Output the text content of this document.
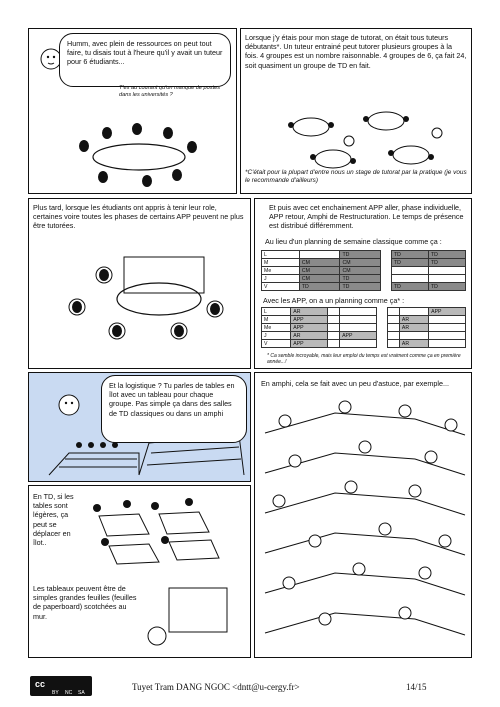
Humm, avec plein de ressources on peut tout faire, tu disais tout à l'heure qu'il y avait un tuteur pour 6 étudiants...
T'es au courant qu'on manque de postes dans les universités ?
Lorsque j'y étais pour mon stage de tutorat, on était tous tuteurs débutants*. Un tuteur entrainé peut tutorer plusieurs groupes à la fois. 4 groupes est un nombre raisonnable. 4 groupes de 6, ça fait 24, soit quasiment un groupe de TD en fait.
*C'était pour la plupart d'entre nous un stage de tutorat par la pratique (je vous le recommande d'ailleurs)
Plus tard, lorsque les étudiants ont appris à tenir leur role, certaines voire toutes les phases de certains APP peuvent ne plus être tutorées.
Et puis avec cet enchainement APP aller, phase individuelle, APP retour, Amphi de Restructuration. Le temps de présence est distribué différemment.
Au lieu d'un planning de semaine classique comme ça :
L		TD		TD	TD
M	CM	CM		TD	TD
Me	CM	CM			
J	CM	TD			
V	TD	TD		TD	TD
Avec les APP, on a un planning comme ça* :
L	AR						APP
M	APP					AR	
Me	APP					AR	
J	AR		APP				
V	APP					AR	
* Ca semble incroyable, mais leur emploi du temps est vraiment comme ça en première année...!
Et la logistique ? Tu parles de tables en îlot avec un tableau pour chaque groupe. Pas simple ça dans des salles de TD classiques ou dans un amphi
En TD, si les tables sont légères, ça peut se déplacer en îlot..
Les tableaux peuvent être de simples grandes feuilles (feuilles de paperboard) scotchées au mur.
En amphi, cela se fait avec un peu d'astuce, par exemple...
cc
BY NC SA
Tuyet Tram DANG NGOC <dntt@u-cergy.fr>	14/15
